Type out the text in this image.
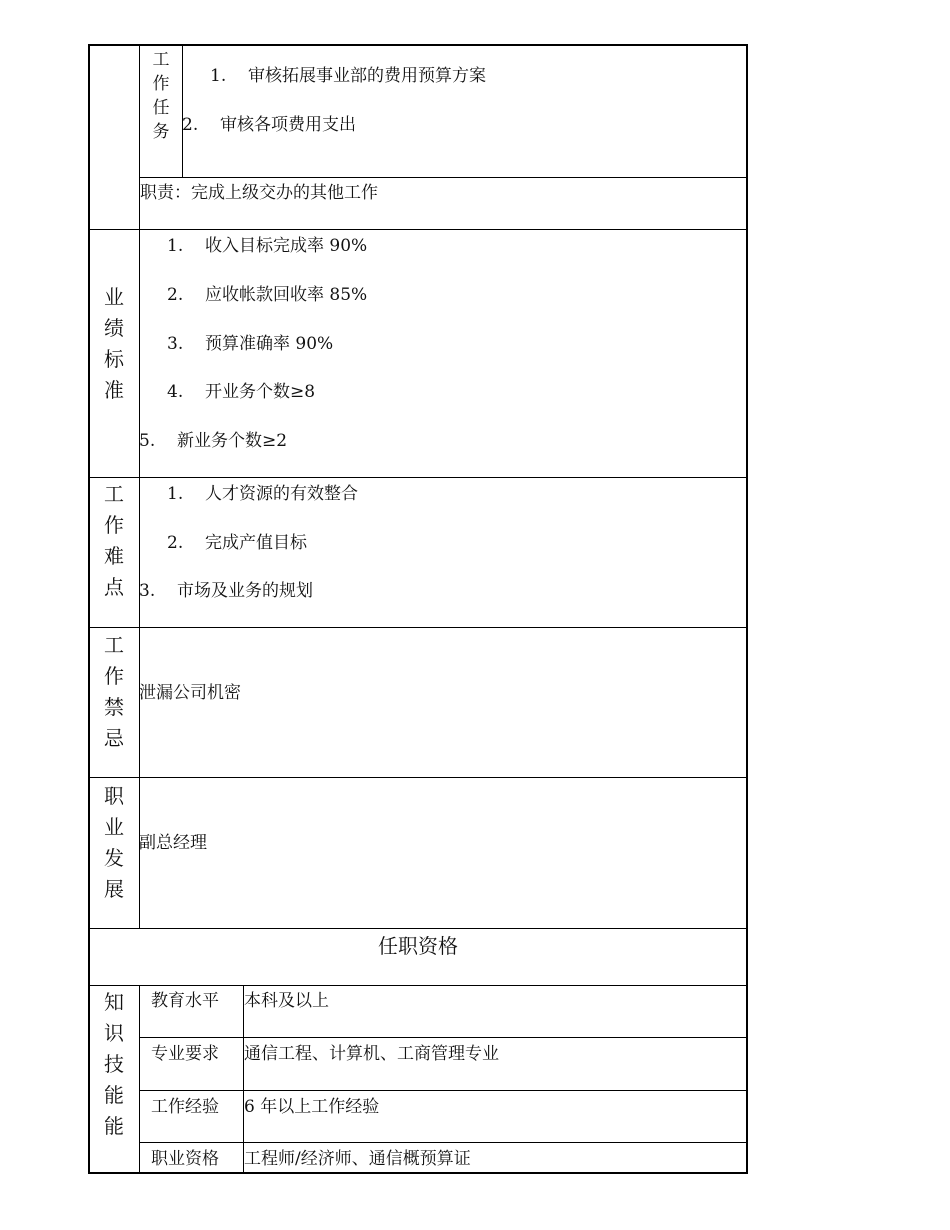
工
作
任
务
1. 审核拓展事业部的费用预算方案
2. 审核各项费用支出
职责：完成上级交办的其他工作
业
绩
标
准
1. 收入目标完成率 90%
2. 应收帐款回收率 85%
3. 预算准确率 90%
4. 开业务个数≥8
5. 新业务个数≥2
工
作
难
点
1. 人才资源的有效整合
2. 完成产值目标
3. 市场及业务的规划
工
作
禁
忌
泄漏公司机密
职
业
发
展
副总经理
任职资格
知
识
技
能
能
教育水平 本科及以上
专业要求 通信工程、计算机、工商管理专业
工作经验 6 年以上工作经验
职业资格 工程师/经济师、通信概预算证
